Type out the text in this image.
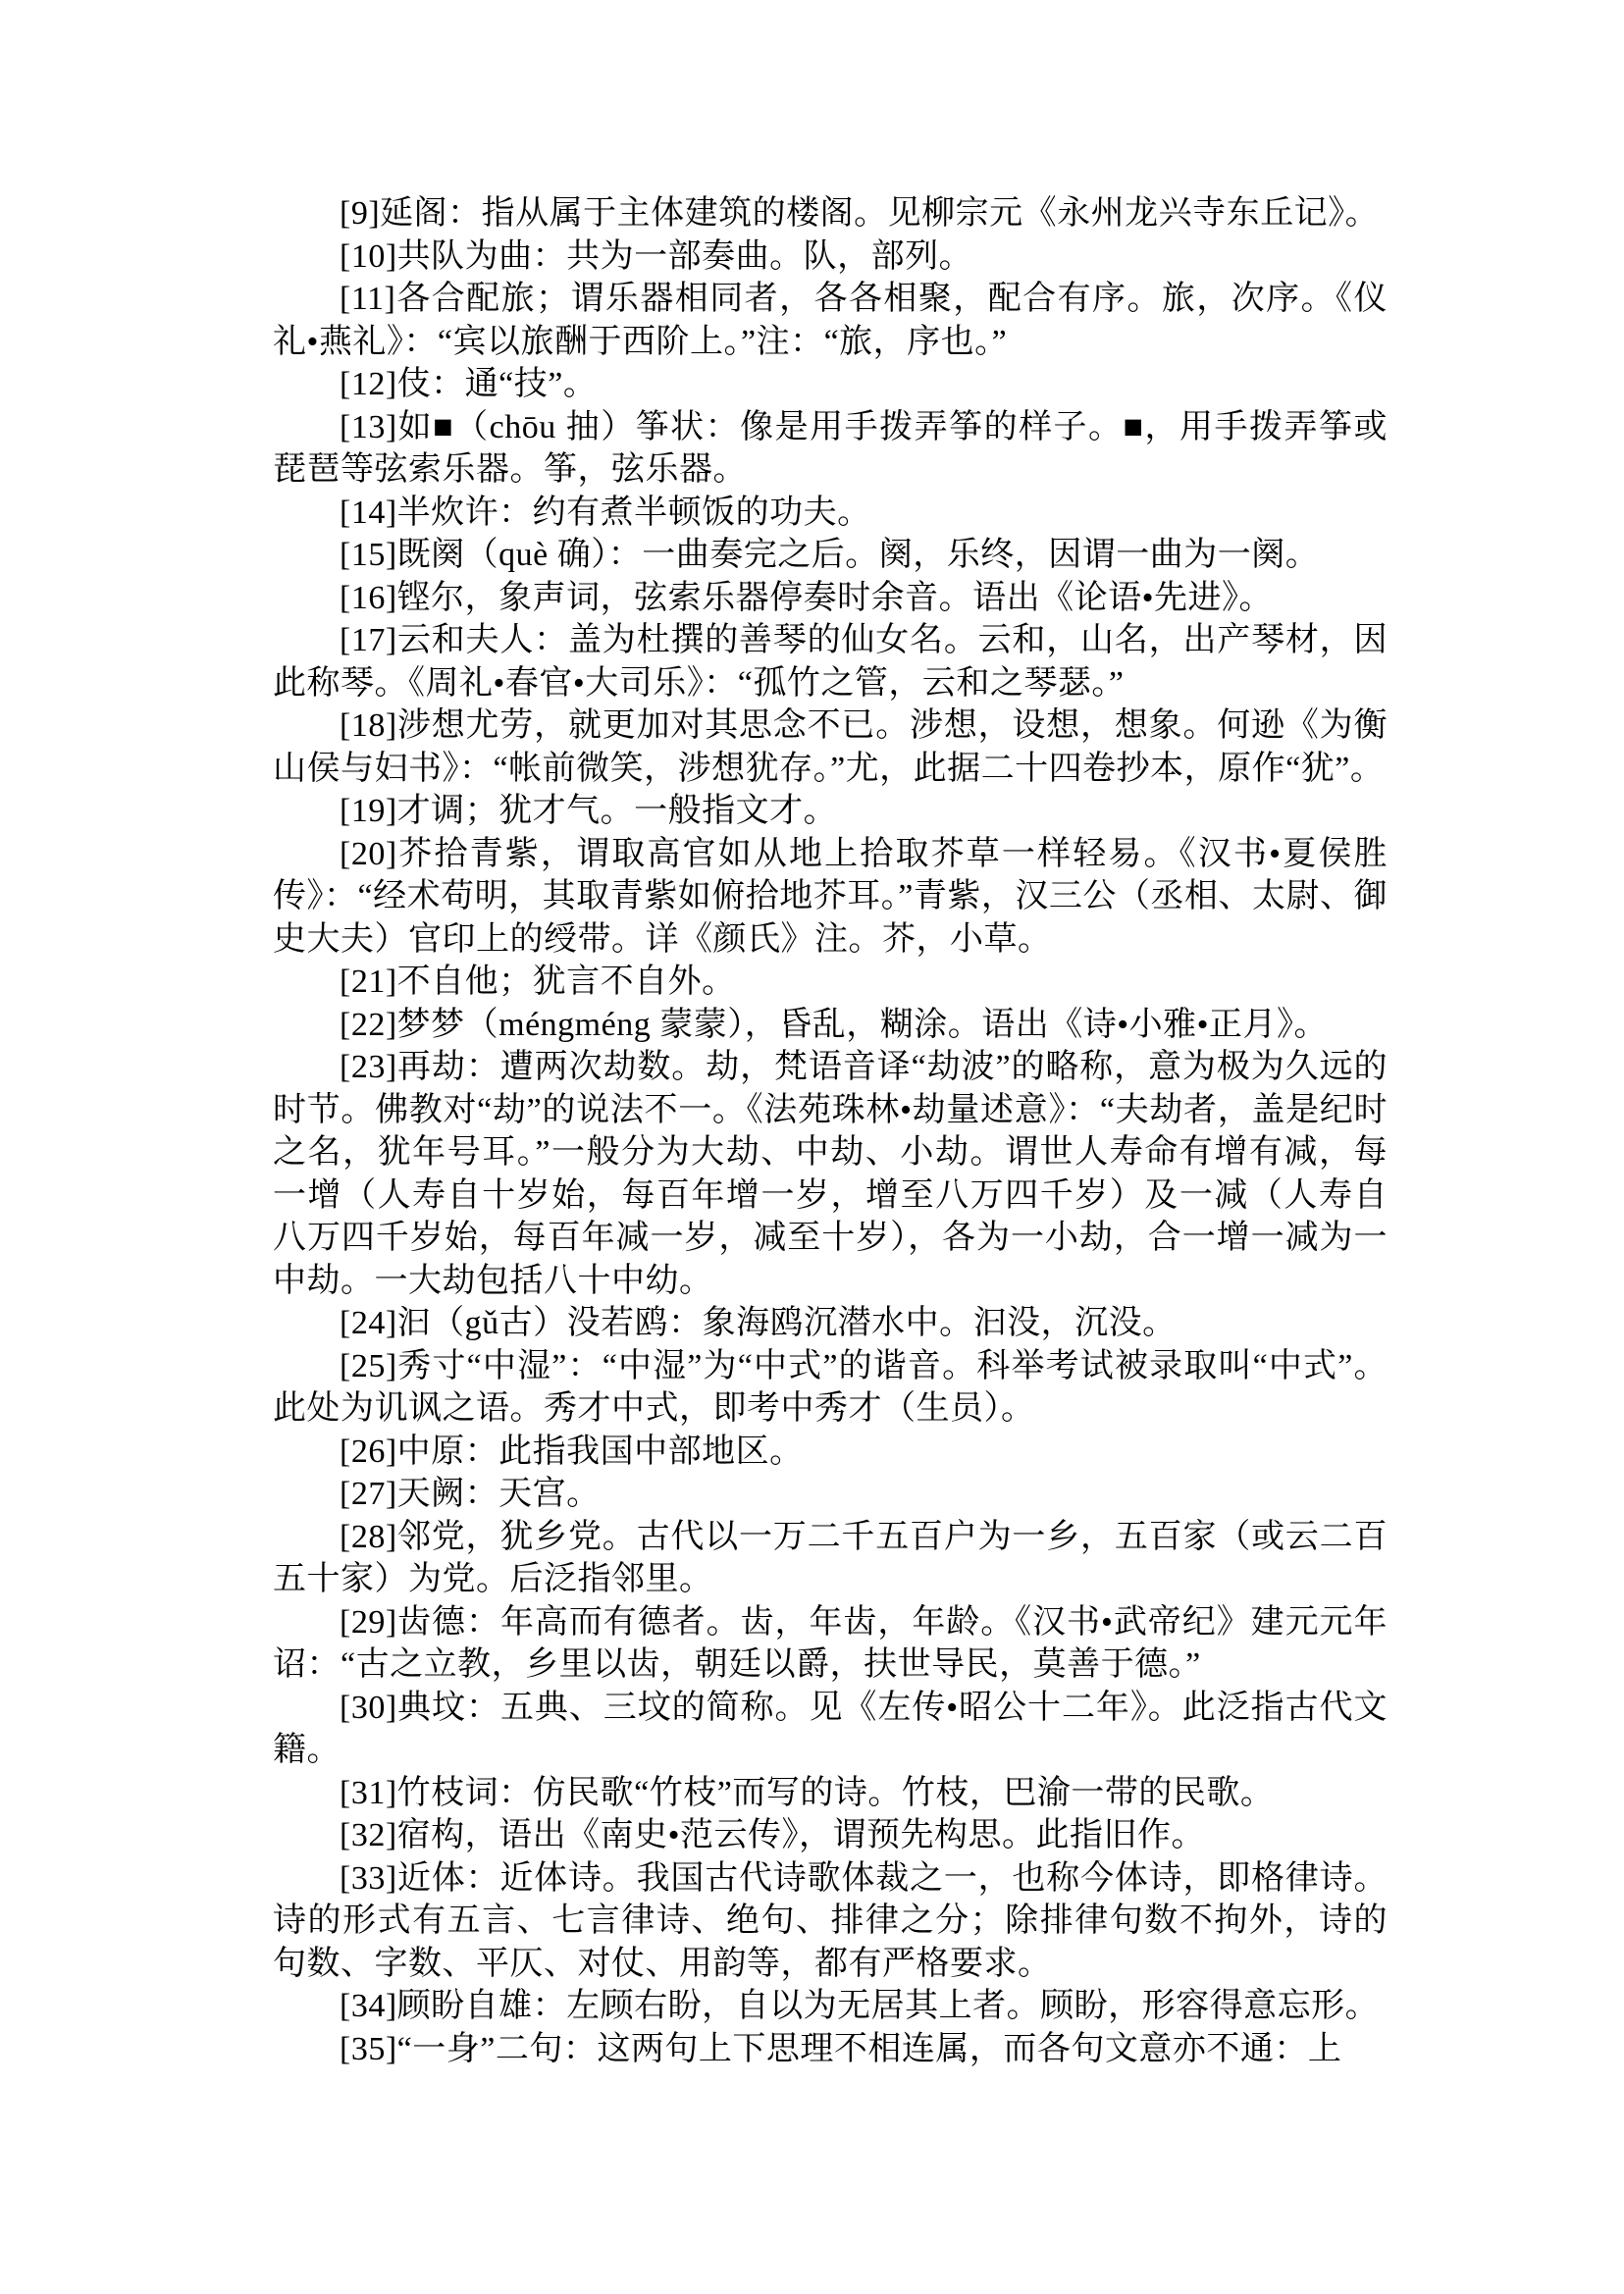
[9]延阁：指从属于主体建筑的楼阁。见柳宗元《永州龙兴寺东丘记》。

[10]共队为曲：共为一部奏曲。队，部列。

[11]各合配旅；谓乐器相同者，各各相聚，配合有序。旅，次序。《仪礼•燕礼》：“宾以旅酬于西阶上。”注：“旅，序也。”

[12]伎：通“技”。

[13]如■（chōu 抽）筝状：像是用手拨弄筝的样子。■，用手拨弄筝或琵琶等弦索乐器。筝，弦乐器。

[14]半炊许：约有煮半顿饭的功夫。

[15]既阕（què 确）：一曲奏完之后。阕，乐终，因谓一曲为一阕。

[16]铿尔，象声词，弦索乐器停奏时余音。语出《论语•先进》。

[17]云和夫人：盖为杜撰的善琴的仙女名。云和，山名，出产琴材，因此称琴。《周礼•春官•大司乐》：“孤竹之管，云和之琴瑟。”

[18]涉想尤劳，就更加对其思念不已。涉想，设想，想象。何逊《为衡山侯与妇书》：“帐前微笑，涉想犹存。”尤，此据二十四卷抄本，原作“犹”。

[19]才调；犹才气。一般指文才。

[20]芥拾青紫，谓取高官如从地上拾取芥草一样轻易。《汉书•夏侯胜传》：“经术苟明，其取青紫如俯拾地芥耳。”青紫，汉三公（丞相、太尉、御史大夫）官印上的绶带。详《颜氏》注。芥，小草。

[21]不自他；犹言不自外。

[22]梦梦（méngméng 蒙蒙），昏乱，糊涂。语出《诗•小雅•正月》。

[23]再劫：遭两次劫数。劫，梵语音译“劫波”的略称，意为极为久远的时节。佛教对“劫”的说法不一。《法苑珠林•劫量述意》：“夫劫者，盖是纪时之名，犹年号耳。”一般分为大劫、中劫、小劫。谓世人寿命有增有减，每一增（人寿自十岁始，每百年增一岁，增至八万四千岁）及一减（人寿自八万四千岁始，每百年减一岁，减至十岁），各为一小劫，合一增一减为一中劫。一大劫包括八十中幼。

[24]汩（gǔ古）没若鸥：象海鸥沉潜水中。汩没，沉没。

[25]秀寸“中湿”：“中湿”为“中式”的谐音。科举考试被录取叫“中式”。此处为讥讽之语。秀才中式，即考中秀才（生员）。

[26]中原：此指我国中部地区。

[27]天阙：天宫。

[28]邻党，犹乡党。古代以一万二千五百户为一乡，五百家（或云二百五十家）为党。后泛指邻里。

[29]齿德：年高而有德者。齿，年齿，年龄。《汉书•武帝纪》建元元年诏：“古之立教，乡里以齿，朝廷以爵，扶世导民，莫善于德。”

[30]典坟：五典、三坟的简称。见《左传•昭公十二年》。此泛指古代文籍。

[31]竹枝词：仿民歌“竹枝”而写的诗。竹枝，巴渝一带的民歌。

[32]宿构，语出《南史•范云传》，谓预先构思。此指旧作。

[33]近体：近体诗。我国古代诗歌体裁之一，也称今体诗，即格律诗。诗的形式有五言、七言律诗、绝句、排律之分；除排律句数不拘外，诗的句数、字数、平仄、对仗、用韵等，都有严格要求。

[34]顾盼自雄：左顾右盼，自以为无居其上者。顾盼，形容得意忘形。

[35]“一身”二句：这两句上下思理不相连属，而各句文意亦不通：上
